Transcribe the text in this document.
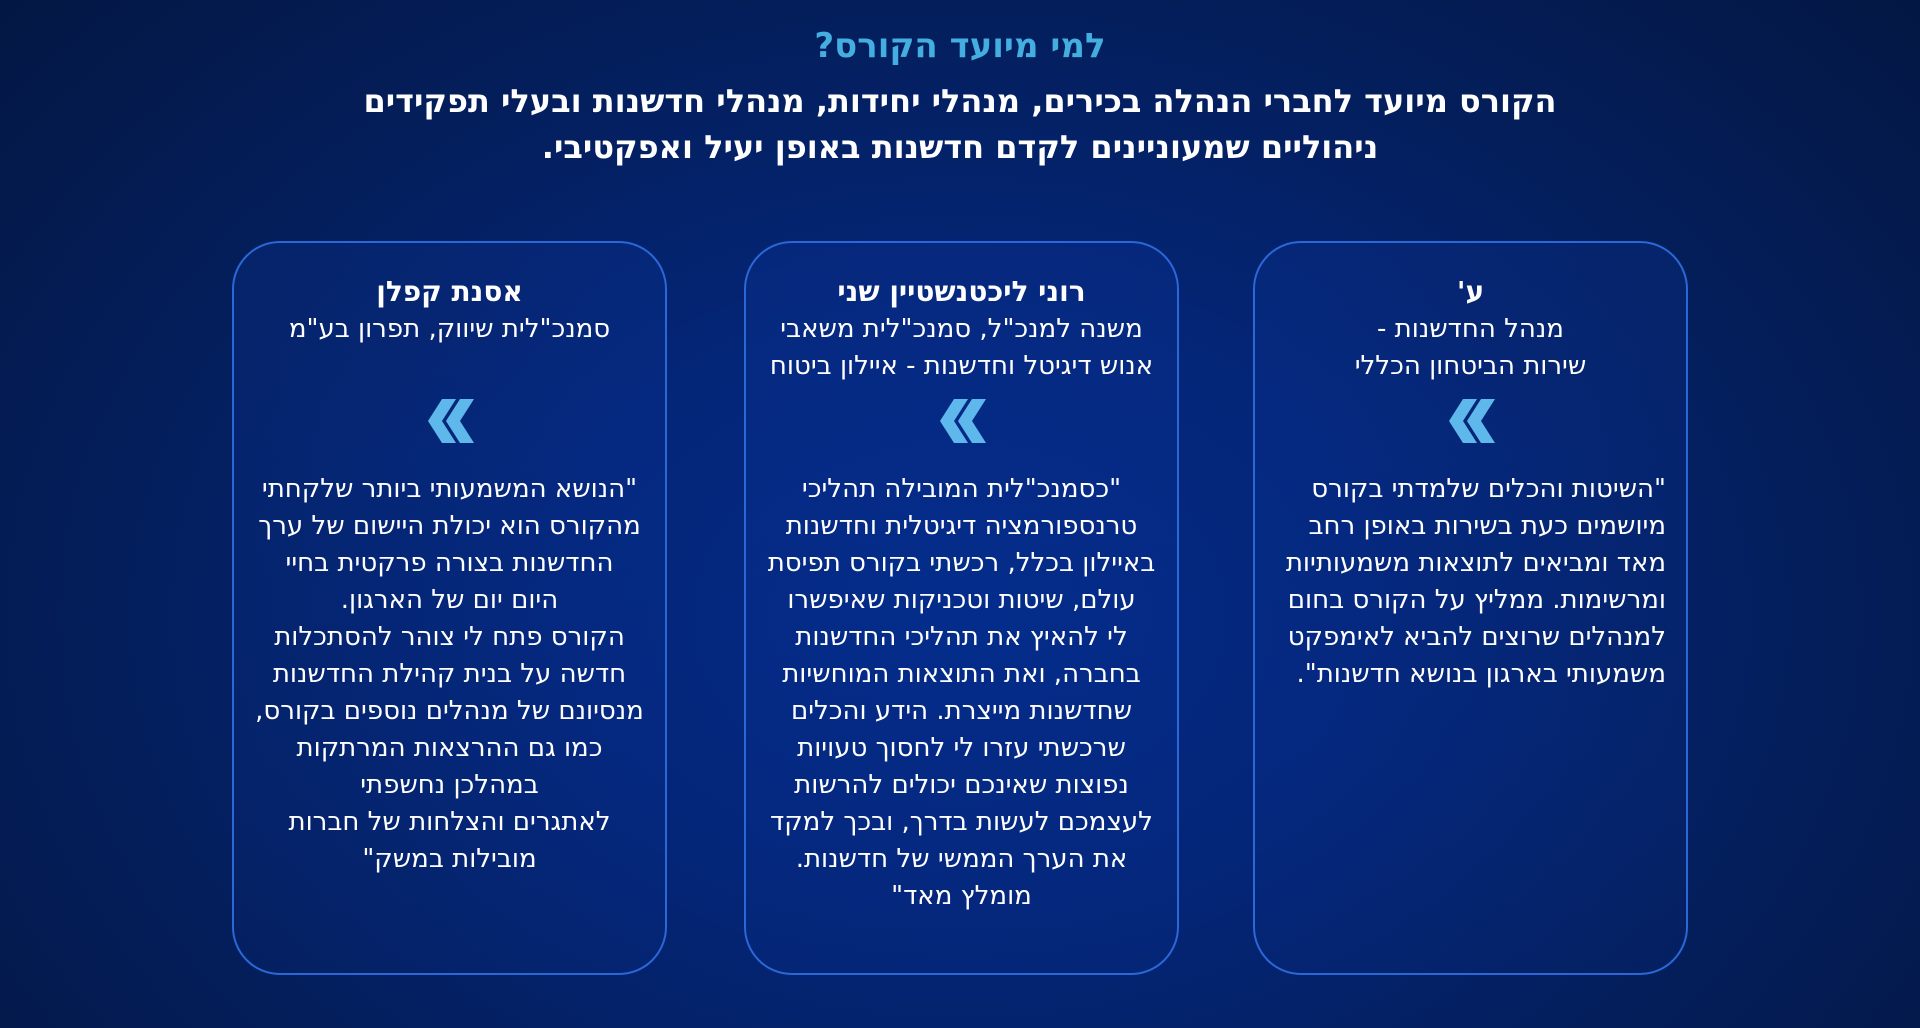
למי מיועד הקורס?

הקורס מיועד לחברי הנהלה בכירים, מנהלי יחידות, מנהלי חדשנות ובעלי תפקידים ניהוליים שמעוניינים לקדם חדשנות באופן יעיל ואפקטיבי.

ע'
מנהל החדשנות -
שירות הביטחון הכללי
"השיטות והכלים שלמדתי בקורס
מיושמים כעת בשירות באופן רחב
מאד ומביאים לתוצאות משמעותיות
ומרשימות. ממליץ על הקורס בחום
למנהלים שרוצים להביא לאימפקט
משמעותי בארגון בנושא חדשנות".
רוני ליכטנשטיין שני
משנה למנכ"ל, סמנכ"לית משאבי
אנוש דיגיטל וחדשנות - איילון ביטוח
"כסמנכ"לית המובילה תהליכי
טרנספורמציה דיגיטלית וחדשנות
באיילון בכלל, רכשתי בקורס תפיסת
עולם, שיטות וטכניקות שאיפשרו
לי להאיץ את תהליכי החדשנות
בחברה, ואת התוצאות המוחשיות
שחדשנות מייצרת. הידע והכלים
שרכשתי עזרו לי לחסוך טעויות
נפוצות שאינכם יכולים להרשות
לעצמכם לעשות בדרך, ובכך למקד
את הערך הממשי של חדשנות.
מומלץ מאד"
אסנת קפלן
סמנכ"לית שיווק, תפרון בע"מ
"הנושא המשמעותי ביותר שלקחתי
מהקורס הוא יכולת היישום של ערך
החדשנות בצורה פרקטית בחיי
היום יום של הארגון.
הקורס פתח לי צוהר להסתכלות
חדשה על בנית קהילת החדשנות
מנסיונם של מנהלים נוספים בקורס,
כמו גם ההרצאות המרתקות
במהלכן נחשפתי
לאתגרים והצלחות של חברות
מובילות במשק"
